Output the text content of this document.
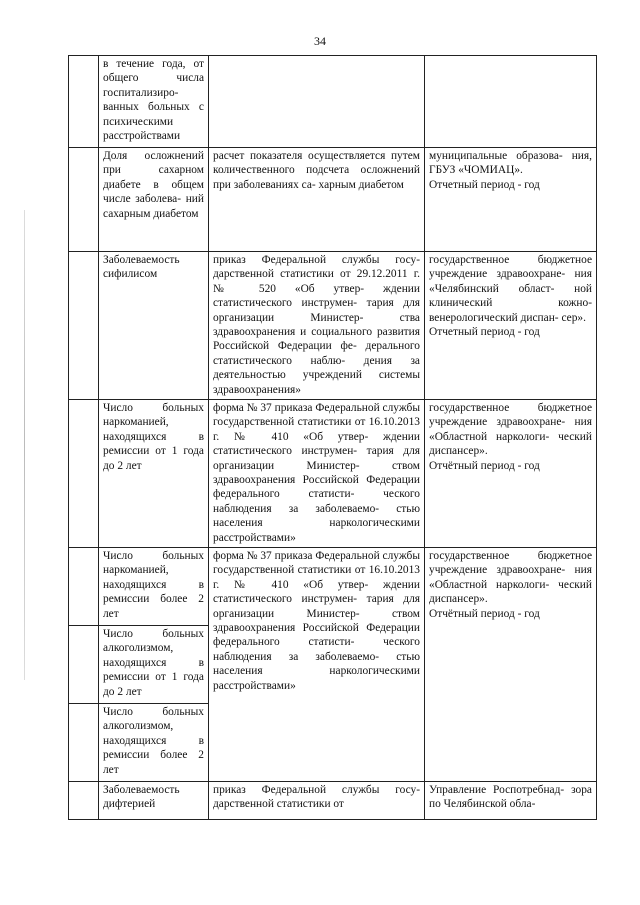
34
	в течение года, от общего числа госпитализиро- ванных больных с психическими расстройствами		
	Доля осложнений при сахарном диабете в общем числе заболева- ний сахарным диабетом	расчет показателя осуществляется путем количественного подсчета осложнений при заболеваниях са- харным диабетом	муниципальные образова- ния, ГБУЗ «ЧОМИАЦ».
Отчетный период - год

	Заболеваемость сифилисом	приказ Федеральной службы госу- дарственной статистики от 29.12.2011 г. № 520 «Об утвер- ждении статистического инструмен- тария для организации Министер- ства здравоохранения и социального развития Российской Федерации фе- дерального статистического наблю- дения за деятельностью учреждений системы здравоохранения»	государственное бюджетное учреждение здравоохране- ния «Челябинский област- ной клинический кожно- венерологический диспан- сер».
Отчетный период - год

	Число больных наркоманией, находящихся в ремиссии от 1 года до 2 лет	форма № 37 приказа Федеральной службы государственной статистики от 16.10.2013 г. № 410 «Об утвер- ждении статистического инструмен- тария для организации Министер- ством здравоохранения Российской Федерации федерального статисти- ческого наблюдения за заболеваемо- стью населения наркологическими расстройствами»	государственное бюджетное учреждение здравоохране- ния «Областной наркологи- ческий диспансер».
Отчётный период - год

	Число больных наркоманией, находящихся в ремиссии более 2 лет	форма № 37 приказа Федеральной службы государственной статистики от 16.10.2013 г. № 410 «Об утвер- ждении статистического инструмен- тария для организации Министер- ством здравоохранения Российской Федерации федерального статисти- ческого наблюдения за заболеваемо- стью населения наркологическими расстройствами»	государственное бюджетное учреждение здравоохране- ния «Областной наркологи- ческий диспансер».
Отчётный период - год

	Число больных алкоголизмом, находящихся в ремиссии от 1 года до 2 лет		
	Число больных алкоголизмом, находящихся в ремиссии более 2 лет		
	Заболеваемость дифтерией	приказ Федеральной службы госу- дарственной статистики от	Управление Роспотребнад- зора по Челябинской обла-
